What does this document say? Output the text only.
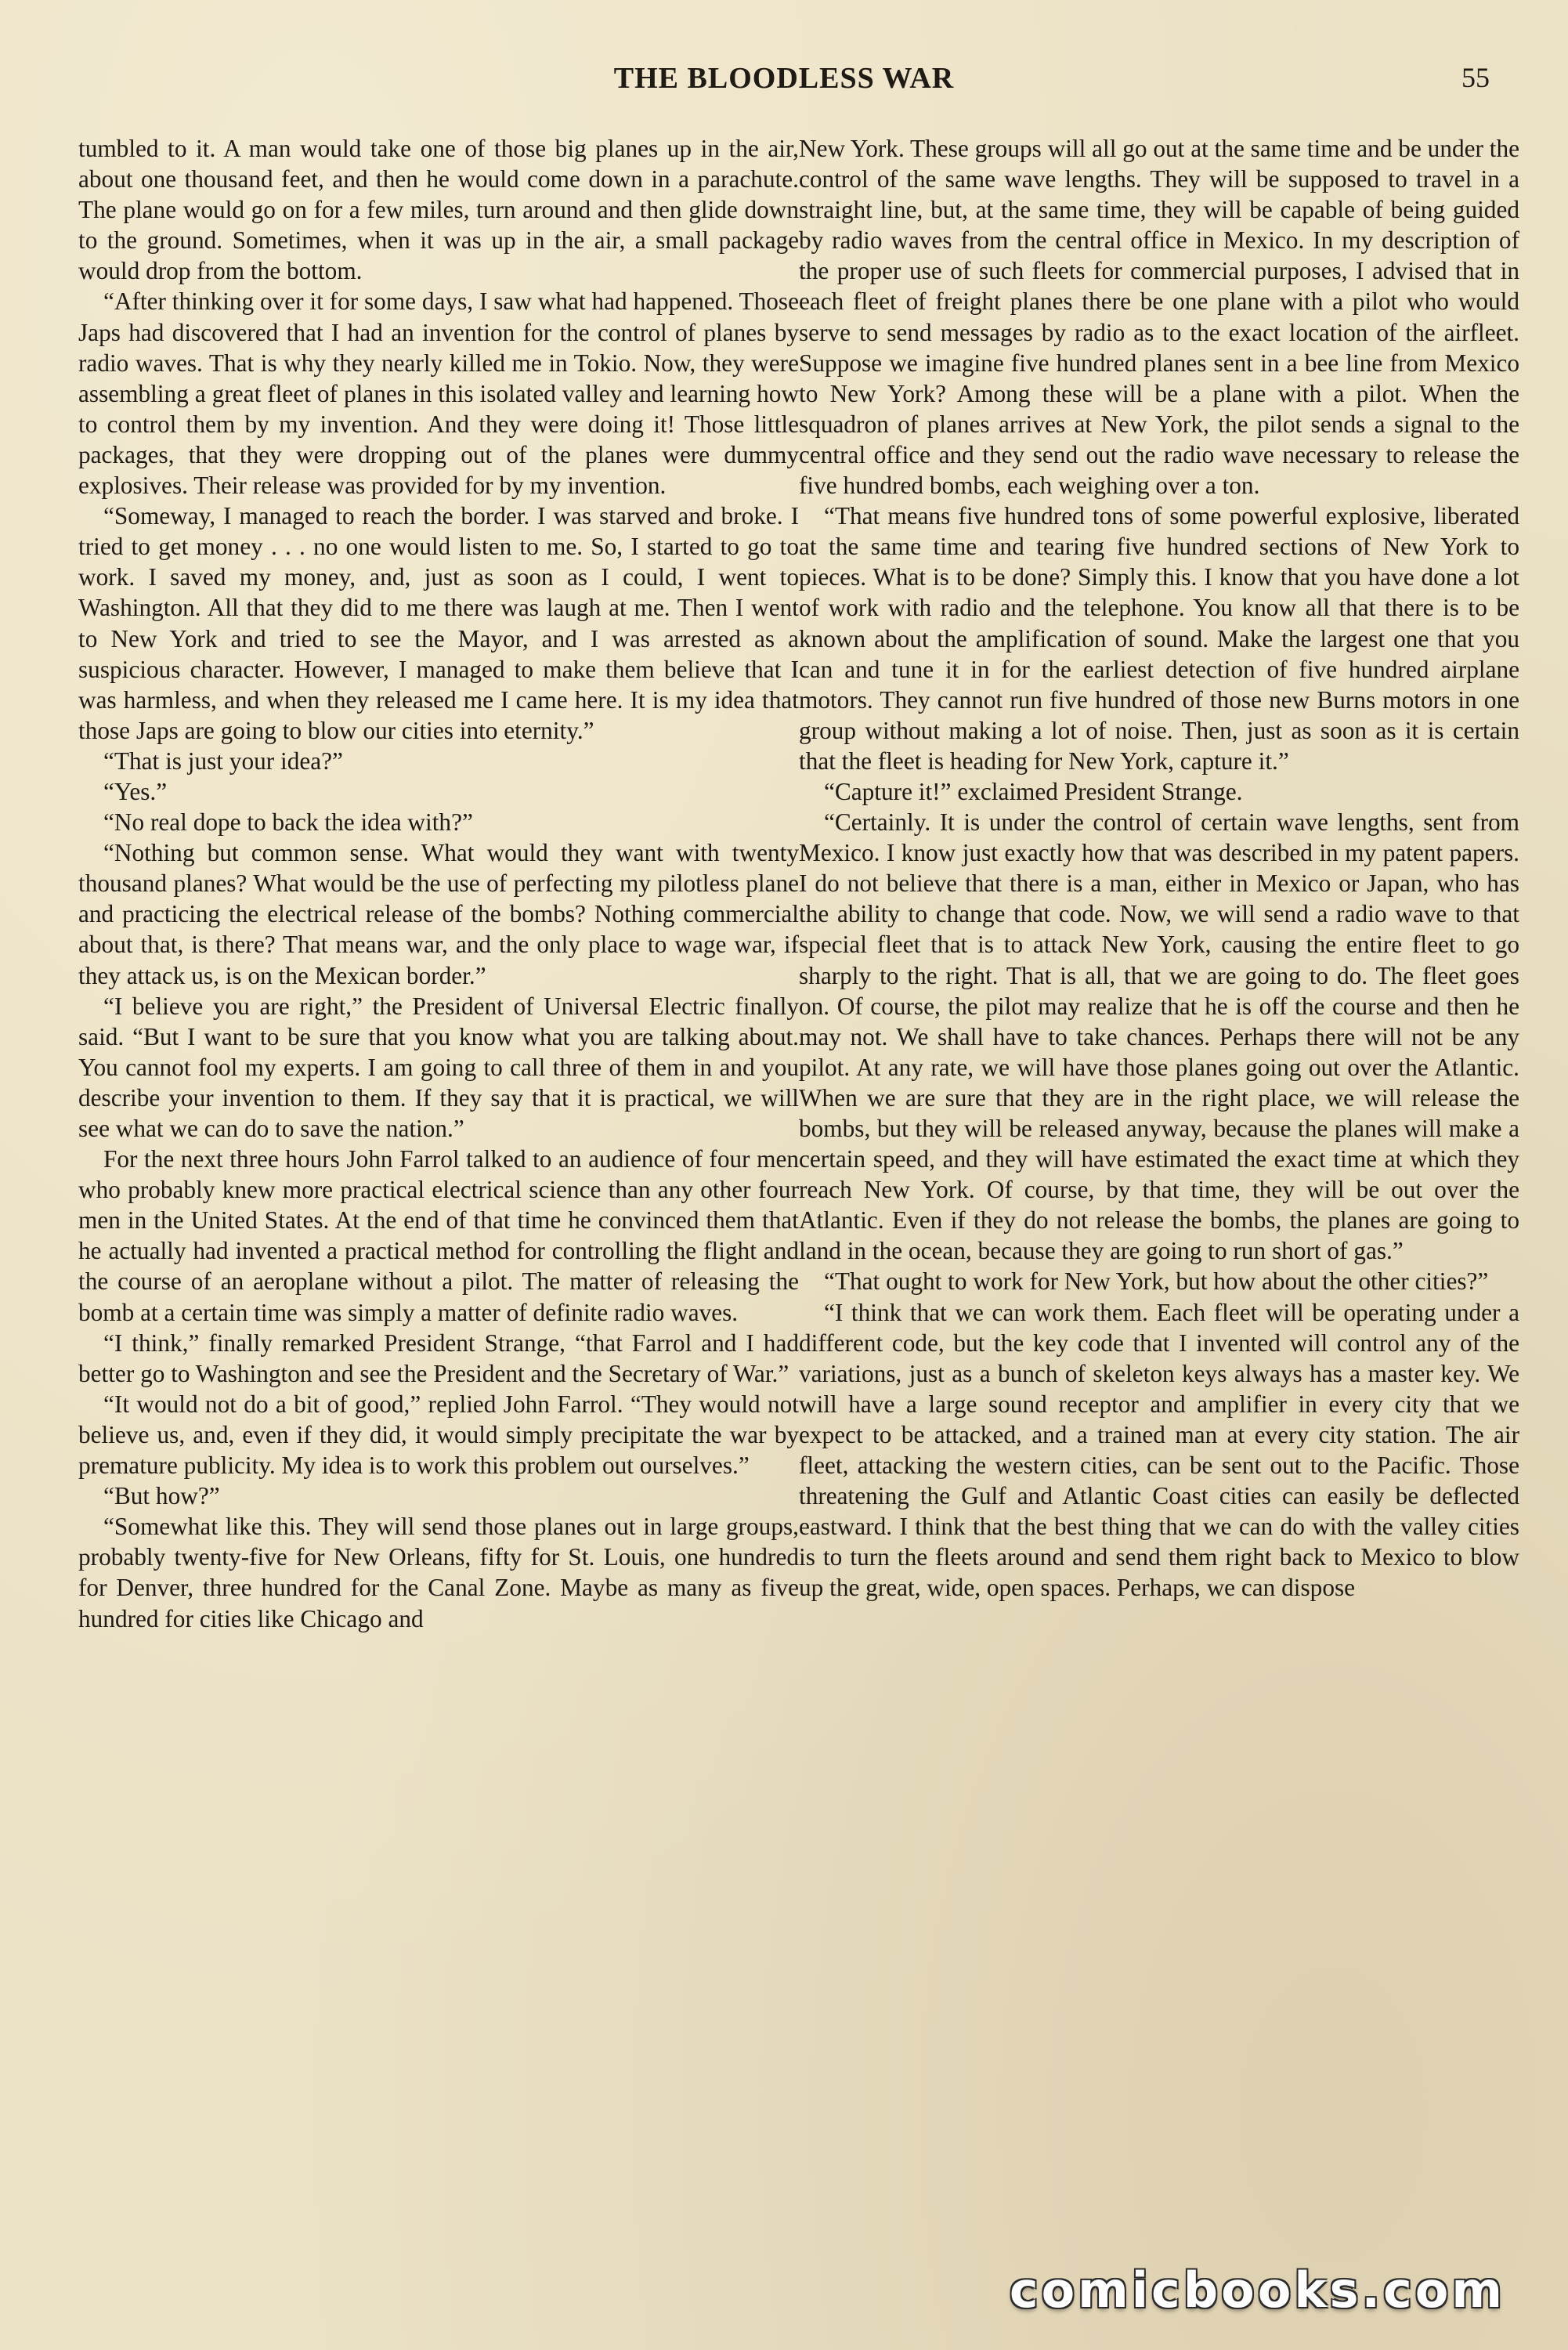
THE BLOODLESS WAR	55

tumbled to it. A man would take one of those big planes up in the air, about one thousand feet, and then he would come down in a parachute. The plane would go on for a few miles, turn around and then glide down to the ground. Sometimes, when it was up in the air, a small package would drop from the bottom.

“After thinking over it for some days, I saw what had happened. Those Japs had discovered that I had an invention for the control of planes by radio waves. That is why they nearly killed me in Tokio. Now, they were assembling a great fleet of planes in this isolated valley and learning how to control them by my invention. And they were doing it! Those little packages, that they were dropping out of the planes were dummy explosives. Their release was provided for by my invention.

“Someway, I managed to reach the border. I was starved and broke. I tried to get money . . . no one would listen to me. So, I started to go to work. I saved my money, and, just as soon as I could, I went to Washington. All that they did to me there was laugh at me. Then I went to New York and tried to see the Mayor, and I was arrested as a suspicious character. However, I managed to make them believe that I was harmless, and when they released me I came here. It is my idea that those Japs are going to blow our cities into eternity.”

“That is just your idea?”

“Yes.”

“No real dope to back the idea with?”

“Nothing but common sense. What would they want with twenty thousand planes? What would be the use of perfecting my pilotless plane and practicing the electrical release of the bombs? Nothing commercial about that, is there? That means war, and the only place to wage war, if they attack us, is on the Mexican border.”

“I believe you are right,” the President of Universal Electric finally said. “But I want to be sure that you know what you are talking about. You cannot fool my experts. I am going to call three of them in and you describe your invention to them. If they say that it is practical, we will see what we can do to save the nation.”

For the next three hours John Farrol talked to an audience of four men who probably knew more practical electrical science than any other four men in the United States. At the end of that time he convinced them that he actually had invented a practical method for controlling the flight and the course of an aeroplane without a pilot. The matter of releasing the bomb at a certain time was simply a matter of definite radio waves.

“I think,” finally remarked President Strange, “that Farrol and I had better go to Washington and see the President and the Secretary of War.”

“It would not do a bit of good,” replied John Farrol. “They would not believe us, and, even if they did, it would simply precipitate the war by premature publicity. My idea is to work this problem out ourselves.”

“But how?”

“Somewhat like this. They will send those planes out in large groups, probably twenty-five for New Orleans, fifty for St. Louis, one hundred for Denver, three hundred for the Canal Zone. Maybe as many as five hundred for cities like Chicago and

New York. These groups will all go out at the same time and be under the control of the same wave lengths. They will be supposed to travel in a straight line, but, at the same time, they will be capable of being guided by radio waves from the central office in Mexico. In my description of the proper use of such fleets for commercial purposes, I advised that in each fleet of freight planes there be one plane with a pilot who would serve to send messages by radio as to the exact location of the airfleet. Suppose we imagine five hundred planes sent in a bee line from Mexico to New York? Among these will be a plane with a pilot. When the squadron of planes arrives at New York, the pilot sends a signal to the central office and they send out the radio wave necessary to release the five hundred bombs, each weighing over a ton.

“That means five hundred tons of some powerful explosive, liberated at the same time and tearing five hundred sections of New York to pieces. What is to be done? Simply this. I know that you have done a lot of work with radio and the telephone. You know all that there is to be known about the amplification of sound. Make the largest one that you can and tune it in for the earliest detection of five hundred airplane motors. They cannot run five hundred of those new Burns motors in one group without making a lot of noise. Then, just as soon as it is certain that the fleet is heading for New York, capture it.”

“Capture it!” exclaimed President Strange.

“Certainly. It is under the control of certain wave lengths, sent from Mexico. I know just exactly how that was described in my patent papers. I do not believe that there is a man, either in Mexico or Japan, who has the ability to change that code. Now, we will send a radio wave to that special fleet that is to attack New York, causing the entire fleet to go sharply to the right. That is all, that we are going to do. The fleet goes on. Of course, the pilot may realize that he is off the course and then he may not. We shall have to take chances. Perhaps there will not be any pilot. At any rate, we will have those planes going out over the Atlantic. When we are sure that they are in the right place, we will release the bombs, but they will be released anyway, because the planes will make a certain speed, and they will have estimated the exact time at which they reach New York. Of course, by that time, they will be out over the Atlantic. Even if they do not release the bombs, the planes are going to land in the ocean, because they are going to run short of gas.”

“That ought to work for New York, but how about the other cities?”

“I think that we can work them. Each fleet will be operating under a different code, but the key code that I invented will control any of the variations, just as a bunch of skeleton keys always has a master key. We will have a large sound receptor and amplifier in every city that we expect to be attacked, and a trained man at every city station. The air fleet, attacking the western cities, can be sent out to the Pacific. Those threatening the Gulf and Atlantic Coast cities can easily be deflected eastward. I think that the best thing that we can do with the valley cities is to turn the fleets around and send them right back to Mexico to blow up the great, wide, open spaces. Perhaps, we can dispose

comicbooks.com
